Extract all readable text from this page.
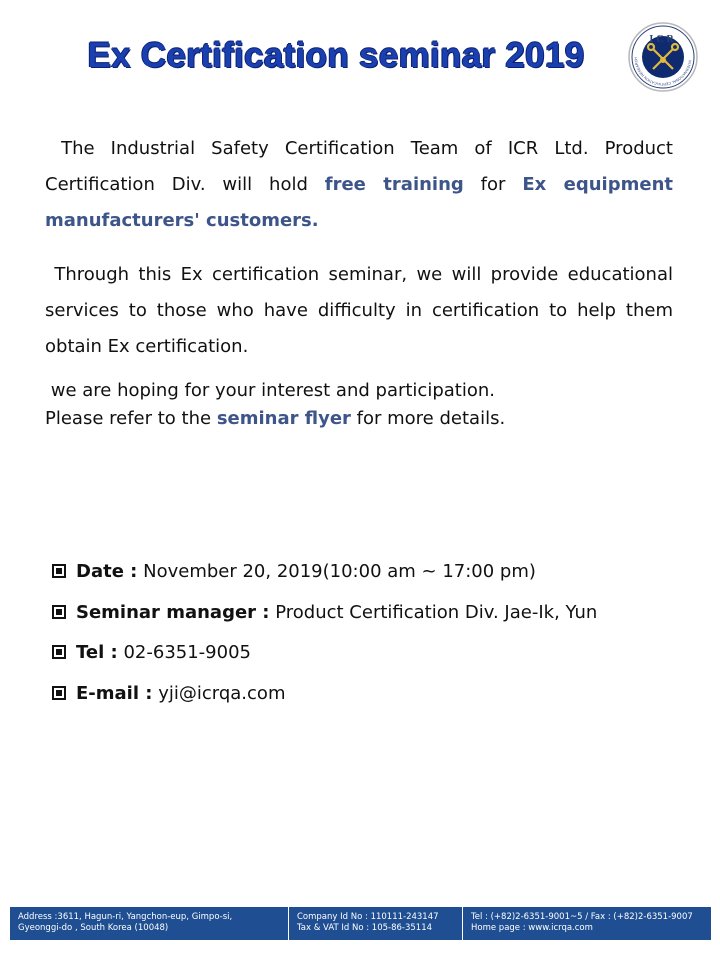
Ex Certification seminar 2019	INTERNATIONAL CERTIFICATION RESEARCH
ICR

The Industrial Safety Certification Team of ICR Ltd. Product Certification Div. will hold free training for Ex equipment manufacturers' customers.

Through this Ex certification seminar, we will provide educational services to those who have difficulty in certification to help them obtain Ex certification.

we are hoping for your interest and participation.
Please refer to the seminar flyer for more details.

Date : November 20, 2019(10:00 am ~ 17:00 pm)
Seminar manager : Product Certification Div. Jae-Ik, Yun
Tel : 02-6351-9005
E-mail : yji@icrqa.com
Address :3611, Hagun-ri, Yangchon-eup, Gimpo-si,
Gyeonggi-do , South Korea (10048)
Company Id No : 110111-243147
Tax & VAT Id No : 105-86-35114
Tel : (+82)2-6351-9001~5 / Fax : (+82)2-6351-9007
Home page : www.icrqa.com
